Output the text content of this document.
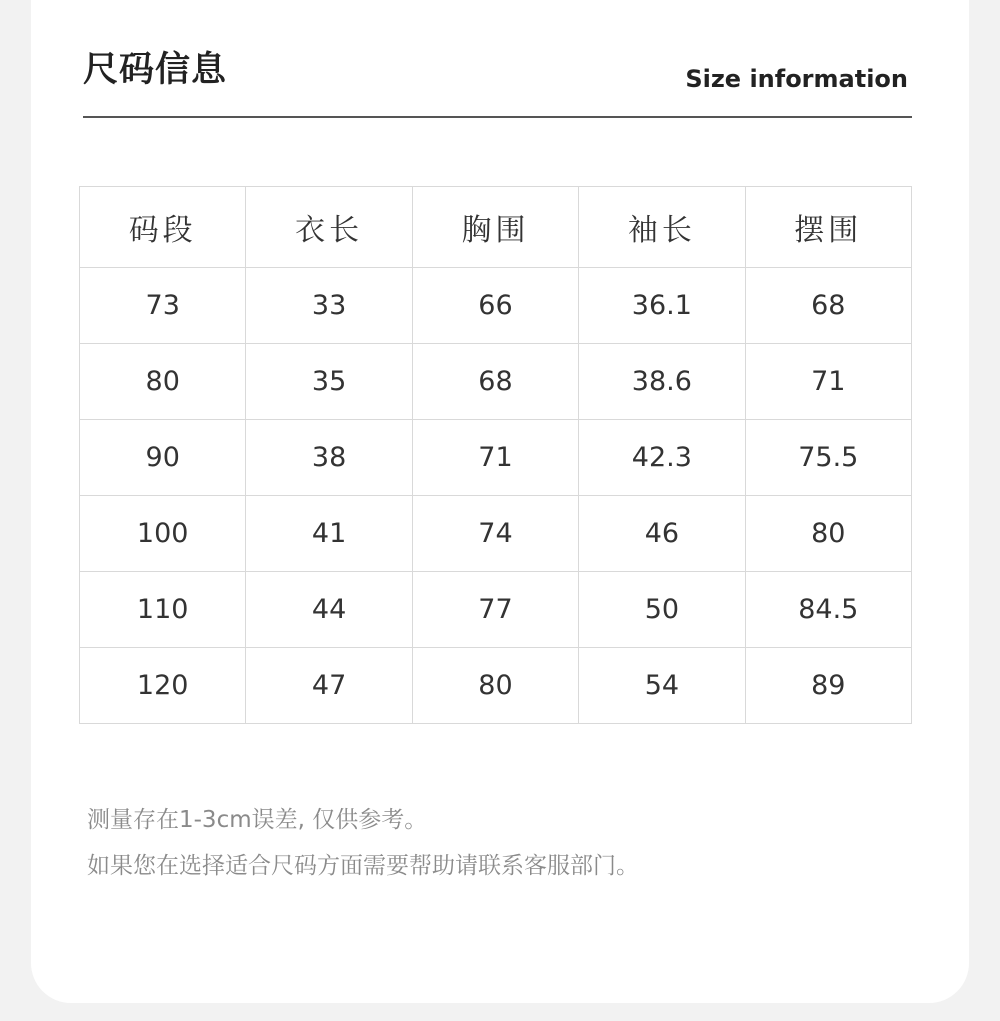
尺码信息	Size information
码段	衣长	胸围	袖长	摆围
73	33	66	36.1	68
80	35	68	38.6	71
90	38	71	42.3	75.5
100	41	74	46	80
110	44	77	50	84.5
120	47	80	54	89
测量存在1-3cm误差, 仅供参考。
如果您在选择适合尺码方面需要帮助请联系客服部门。
